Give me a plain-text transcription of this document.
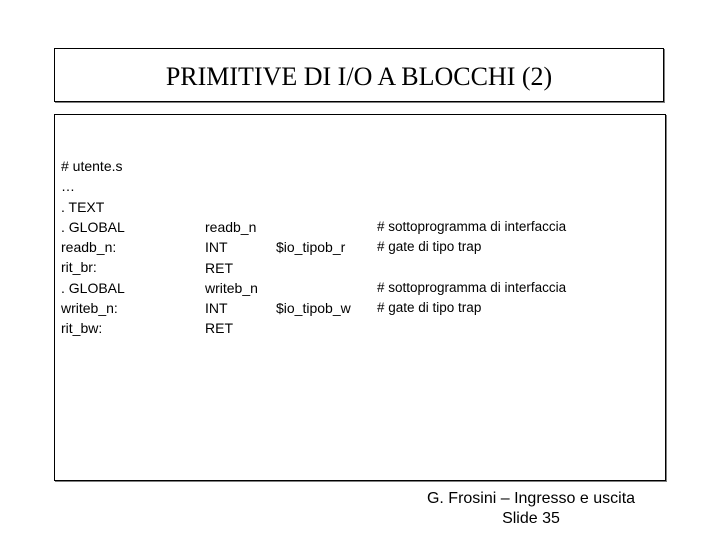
PRIMITIVE DI I/O A BLOCCHI (2)
# utente.s
…
. TEXT
. GLOBAL
readb_n:
rit_br:
. GLOBAL
writeb_n:
rit_bw:
readb_n
INT
RET
writeb_n
INT
RET
$io_tipob_r
$io_tipob_w
# sottoprogramma di interfaccia
# gate di tipo trap
# sottoprogramma di interfaccia
# gate di tipo trap
G. Frosini – Ingresso e uscita
Slide 35
